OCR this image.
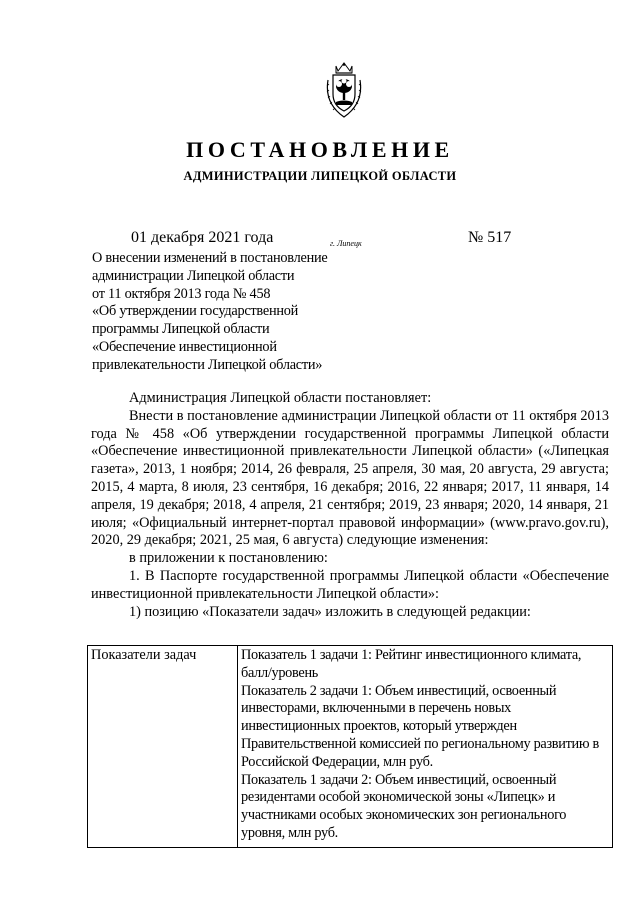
ПОСТАНОВЛЕНИЕ
АДМИНИСТРАЦИИ ЛИПЕЦКОЙ ОБЛАСТИ
01 декабря 2021 года	г. Липецк	№ 517
О внесении изменений в постановление
администрации Липецкой области
от 11 октября 2013 года № 458
«Об утверждении государственной
программы Липецкой области
«Обеспечение инвестиционной
привлекательности Липецкой области»

Администрация Липецкой области постановляет:

Внести в постановление администрации Липецкой области от 11 октября 2013 года № 458 «Об утверждении государственной программы Липецкой области «Обеспечение инвестиционной привлекательности Липецкой области» («Липецкая газета», 2013, 1 ноября; 2014, 26 февраля, 25 апреля, 30 мая, 20 августа, 29 августа; 2015, 4 марта, 8 июля, 23 сентября, 16 декабря; 2016, 22 января; 2017, 11 января, 14 апреля, 19 декабря; 2018, 4 апреля, 21 сентября; 2019, 23 января; 2020, 14 января, 21 июля; «Официальный интернет-портал правовой информации» (www.pravo.gov.ru), 2020, 29 декабря; 2021, 25 мая, 6 августа) следующие изменения:

в приложении к постановлению:

1. В Паспорте государственной программы Липецкой области «Обеспечение инвестиционной привлекательности Липецкой области»:

1) позицию «Показатели задач» изложить в следующей редакции:

Показатели задач	Показатель 1 задачи 1: Рейтинг инвестиционного климата, балл/уровень
Показатель 2 задачи 1: Объем инвестиций, освоенный инвесторами, включенными в перечень новых инвестиционных проектов, который утвержден Правительственной комиссией по региональному развитию в Российской Федерации, млн руб.
Показатель 1 задачи 2: Объем инвестиций, освоенный резидентами особой экономической зоны «Липецк» и участниками особых экономических зон регионального уровня, млн руб.
